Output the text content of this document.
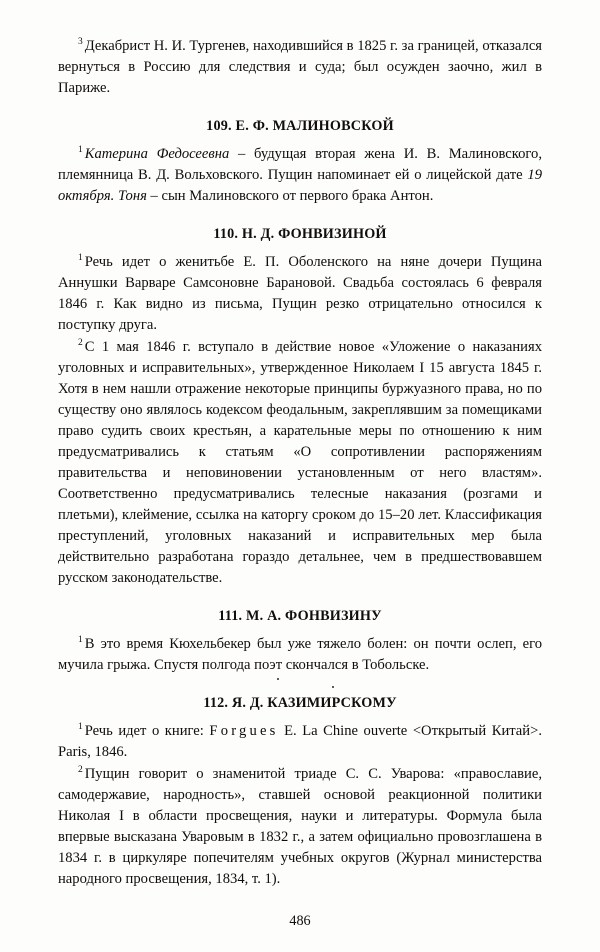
$^3$ Декабрист Н. И. Тургенев, находившийся в 1825 г. за границей, отказался вернуться в Россию для следствия и суда; был осужден заочно, жил в Париже.

109. Е. Ф. МАЛИНОВСКОЙ

$^1$ Катерина Федосеевна – будущая вторая жена И. В. Малиновского, племянница В. Д. Вольховского. Пущин напоминает ей о лицейской дате 19 октября. Тоня – сын Малиновского от первого брака Антон.

110. Н. Д. ФОНВИЗИНОЙ

$^1$ Речь идет о женитьбе Е. П. Оболенского на няне дочери Пущина Аннушки Варваре Самсоновне Барановой. Свадьба состоялась 6 февраля 1846 г. Как видно из письма, Пущин резко отрицательно относился к поступку друга.

$^2$ С 1 мая 1846 г. вступало в действие новое «Уложение о наказаниях уголовных и исправительных», утвержденное Николаем I 15 августа 1845 г. Хотя в нем нашли отражение некоторые принципы буржуазного права, но по существу оно являлось кодексом феодальным, закреплявшим за помещиками право судить своих крестьян, а карательные меры по отношению к ним предусматривались к статьям «О сопротивлении распоряжениям правительства и неповиновении установленным от него властям». Соответственно предусматривались телесные наказания (розгами и плетьми), клеймение, ссылка на каторгу сроком до 15–20 лет. Классификация преступлений, уголовных наказаний и исправительных мер была действительно разработана гораздо детальнее, чем в предшествовавшем русском законодательстве.

111. М. А. ФОНВИЗИНУ

$^1$ В это время Кюхельбекер был уже тяжело болен: он почти ослеп, его мучила грыжа. Спустя полгода поэт скончался в Тобольске.

112. Я. Д. КАЗИМИРСКОМУ

$^1$ Речь идет о книге: Forgues E. La Chine ouverte <Открытый Китай>. Paris, 1846.

$^2$ Пущин говорит о знаменитой триаде С. С. Уварова: «православие, самодержавие, народность», ставшей основой реакционной политики Николая I в области просвещения, науки и литературы. Формула была впервые высказана Уваровым в 1832 г., а затем официально провозглашена в 1834 г. в циркуляре попечителям учебных округов (Журнал министерства народного просвещения, 1834, т. 1).

486
